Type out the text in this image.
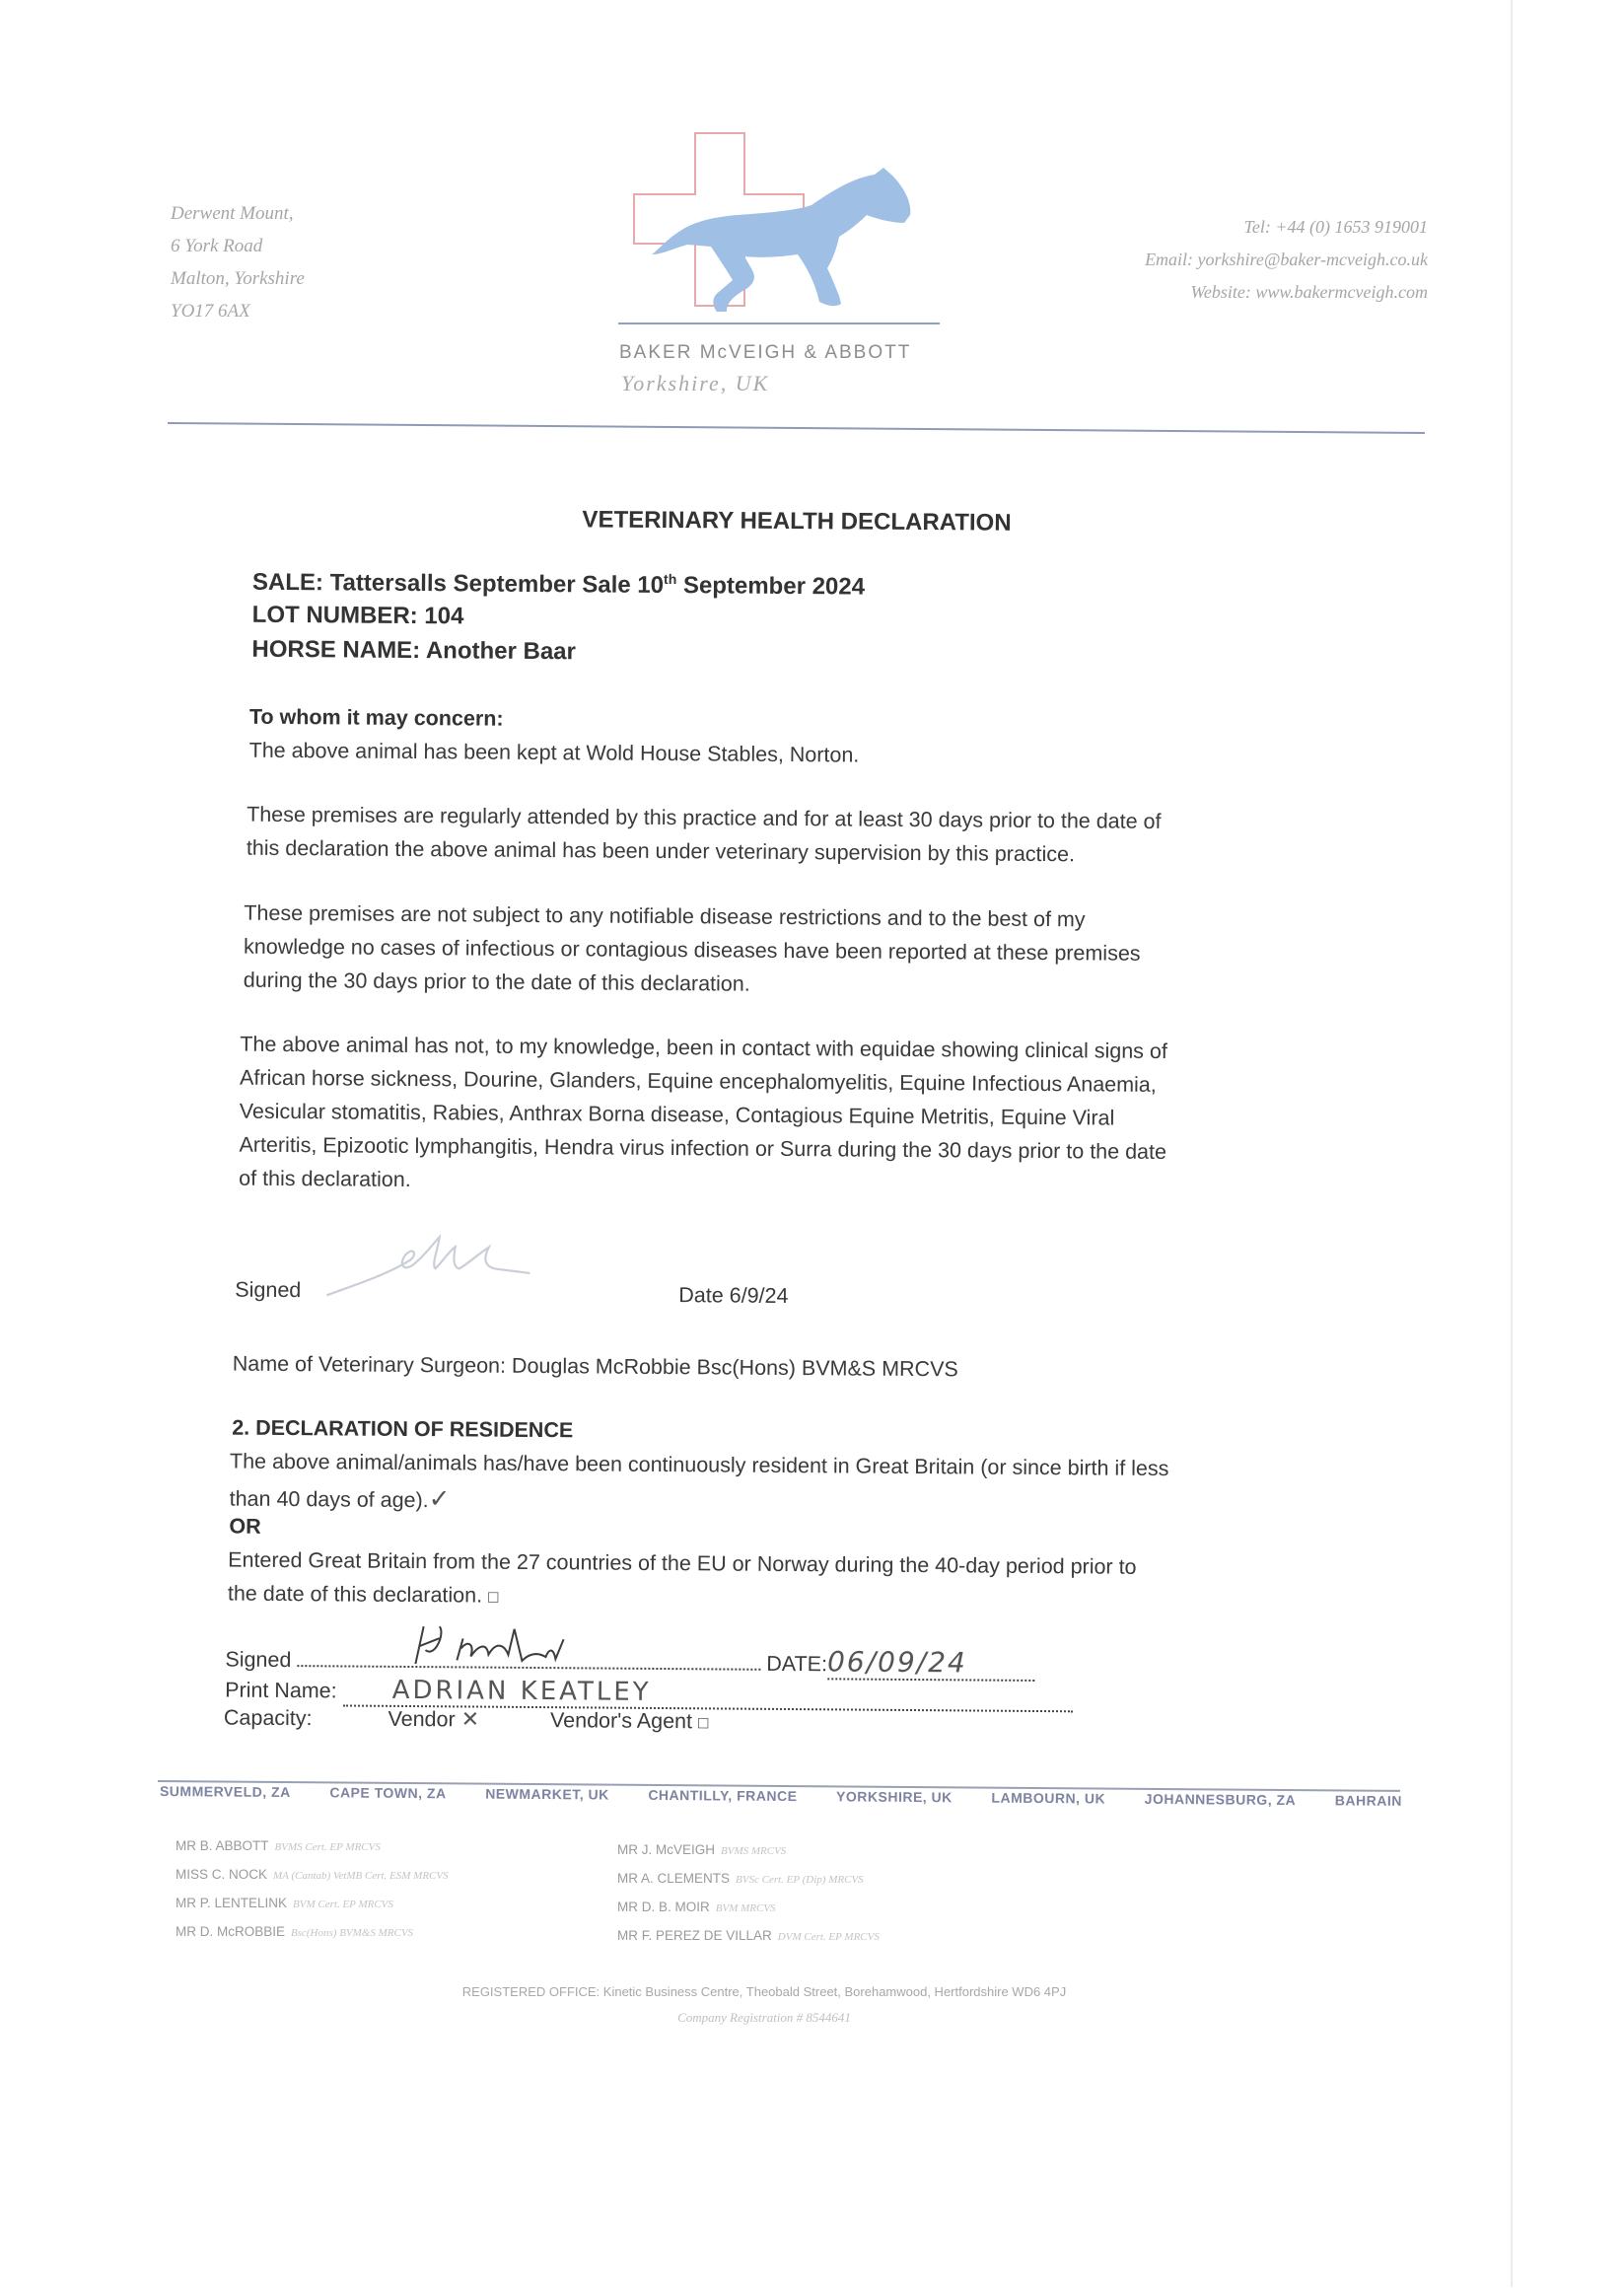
Derwent Mount,
6 York Road
Malton, Yorkshire
YO17 6AX
BAKER McVEIGH & ABBOTT
Yorkshire, UK
Tel: +44 (0) 1653 919001
Email: yorkshire@baker-mcveigh.co.uk
Website: www.bakermcveigh.com
VETERINARY HEALTH DECLARATION
SALE: Tattersalls September Sale 10th September 2024
LOT NUMBER: 104
HORSE NAME: Another Baar
To whom it may concern:
The above animal has been kept at Wold House Stables, Norton.
These premises are regularly attended by this practice and for at least 30 days prior to the date of
this declaration the above animal has been under veterinary supervision by this practice.
These premises are not subject to any notifiable disease restrictions and to the best of my
knowledge no cases of infectious or contagious diseases have been reported at these premises
during the 30 days prior to the date of this declaration.
The above animal has not, to my knowledge, been in contact with equidae showing clinical signs of
African horse sickness, Dourine, Glanders, Equine encephalomyelitis, Equine Infectious Anaemia,
Vesicular stomatitis, Rabies, Anthrax Borna disease, Contagious Equine Metritis, Equine Viral
Arteritis, Epizootic lymphangitis, Hendra virus infection or Surra during the 30 days prior to the date
of this declaration.
Signed	Date 6/9/24
Name of Veterinary Surgeon: Douglas McRobbie Bsc(Hons) BVM&S MRCVS
2. DECLARATION OF RESIDENCE
The above animal/animals has/have been continuously resident in Great Britain (or since birth if less
than 40 days of age).✓
OR
Entered Great Britain from the 27 countries of the EU or Norway during the 40-day period prior to
the date of this declaration. □
Signed	DATE:06/09/24
Print Name: ADRIAN KEATLEY
Capacity:	Vendor ✕	Vendor's Agent □
SUMMERVELD, ZA	CAPE TOWN, ZA	NEWMARKET, UK	CHANTILLY, FRANCE	YORKSHIRE, UK	LAMBOURN, UK	JOHANNESBURG, ZA	BAHRAIN
MR B. ABBOTT BVMS Cert. EP MRCVS
MISS C. NOCK MA (Cantab) VetMB Cert. ESM MRCVS
MR P. LENTELINK BVM Cert. EP MRCVS
MR D. McROBBIE Bsc(Hons) BVM&S MRCVS
MR J. McVEIGH BVMS MRCVS
MR A. CLEMENTS BVSc Cert. EP (Dip) MRCVS
MR D. B. MOIR BVM MRCVS
MR F. PEREZ DE VILLAR DVM Cert. EP MRCVS
REGISTERED OFFICE: Kinetic Business Centre, Theobald Street, Borehamwood, Hertfordshire WD6 4PJ
Company Registration # 8544641
